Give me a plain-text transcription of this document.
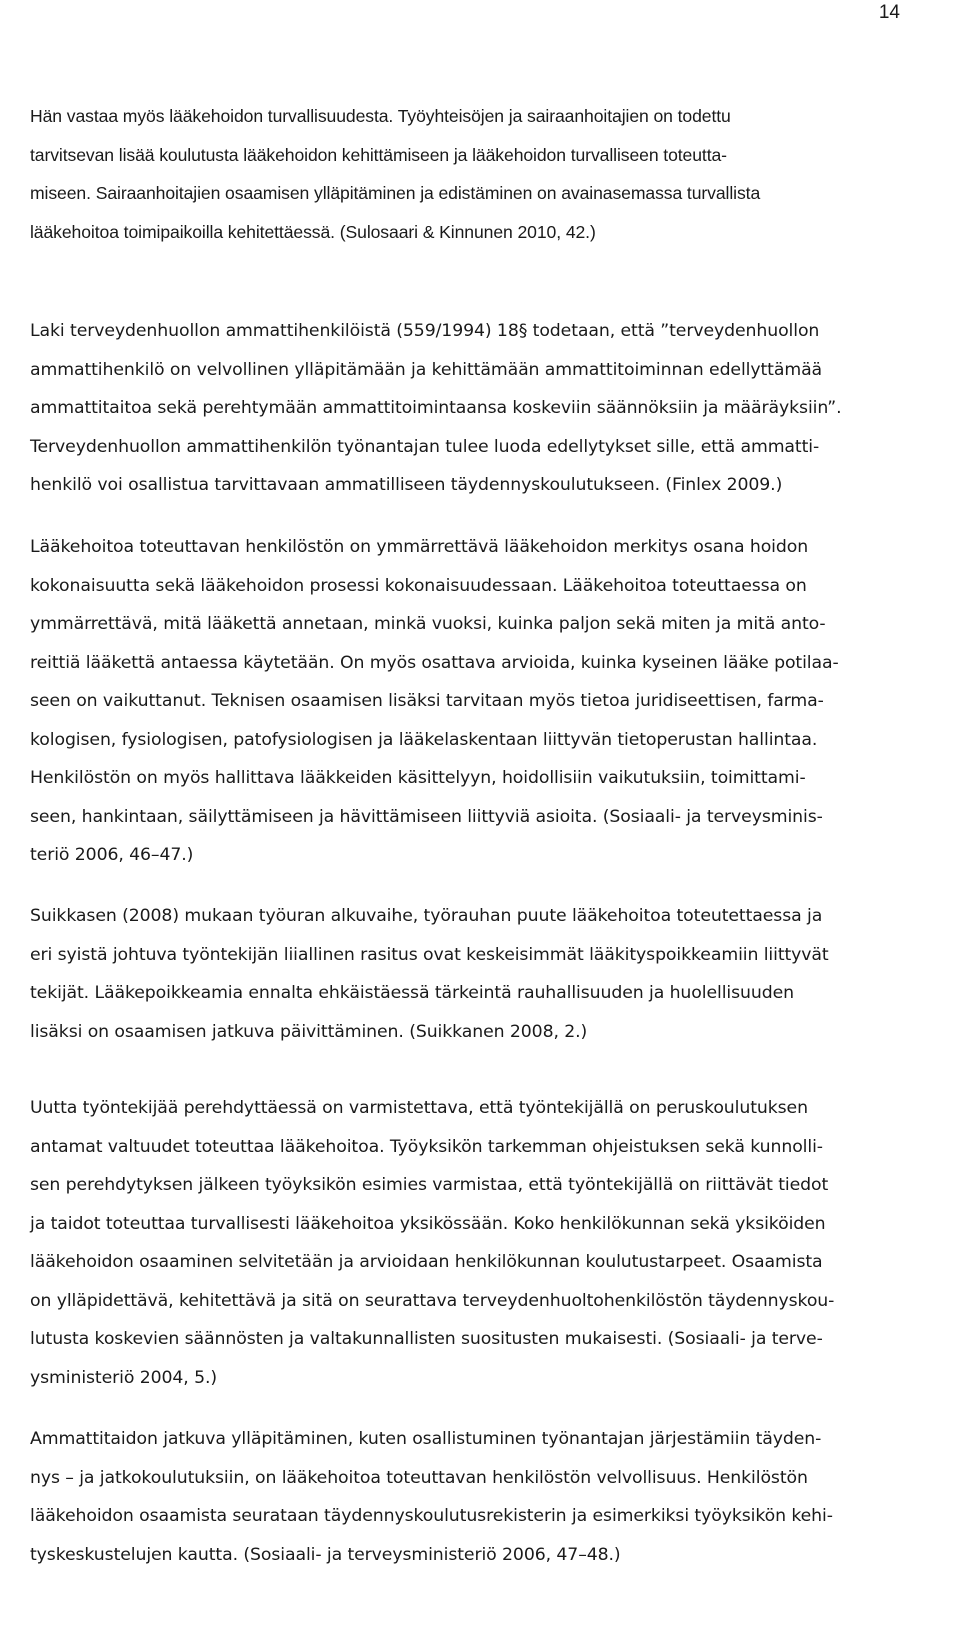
14
Hän vastaa myös lääkehoidon turvallisuudesta. Työyhteisöjen ja sairaanhoitajien on todettu
tarvitsevan lisää koulutusta lääkehoidon kehittämiseen ja lääkehoidon turvalliseen toteutta-
miseen. Sairaanhoitajien osaamisen ylläpitäminen ja edistäminen on avainasemassa turvallista
lääkehoitoa toimipaikoilla kehitettäessä. (Sulosaari & Kinnunen 2010, 42.)
Laki terveydenhuollon ammattihenkilöistä (559/1994) 18§ todetaan, että ”terveydenhuollon
ammattihenkilö on velvollinen ylläpitämään ja kehittämään ammattitoiminnan edellyttämää
ammattitaitoa sekä perehtymään ammattitoimintaansa koskeviin säännöksiin ja määräyksiin”.
Terveydenhuollon ammattihenkilön työnantajan tulee luoda edellytykset sille, että ammatti-
henkilö voi osallistua tarvittavaan ammatilliseen täydennyskoulutukseen. (Finlex 2009.)
Lääkehoitoa toteuttavan henkilöstön on ymmärrettävä lääkehoidon merkitys osana hoidon
kokonaisuutta sekä lääkehoidon prosessi kokonaisuudessaan. Lääkehoitoa toteuttaessa on
ymmärrettävä, mitä lääkettä annetaan, minkä vuoksi, kuinka paljon sekä miten ja mitä anto-
reittiä lääkettä antaessa käytetään. On myös osattava arvioida, kuinka kyseinen lääke potilaa-
seen on vaikuttanut. Teknisen osaamisen lisäksi tarvitaan myös tietoa juridiseettisen, farma-
kologisen, fysiologisen, patofysiologisen ja lääkelaskentaan liittyvän tietoperustan hallintaa.
Henkilöstön on myös hallittava lääkkeiden käsittelyyn, hoidollisiin vaikutuksiin, toimittami-
seen, hankintaan, säilyttämiseen ja hävittämiseen liittyviä asioita. (Sosiaali- ja terveysminis-
teriö 2006, 46–47.)
Suikkasen (2008) mukaan työuran alkuvaihe, työrauhan puute lääkehoitoa toteutettaessa ja
eri syistä johtuva työntekijän liiallinen rasitus ovat keskeisimmät lääkityspoikkeamiin liittyvät
tekijät. Lääkepoikkeamia ennalta ehkäistäessä tärkeintä rauhallisuuden ja huolellisuuden
lisäksi on osaamisen jatkuva päivittäminen. (Suikkanen 2008, 2.)
Uutta työntekijää perehdyttäessä on varmistettava, että työntekijällä on peruskoulutuksen
antamat valtuudet toteuttaa lääkehoitoa. Työyksikön tarkemman ohjeistuksen sekä kunnolli-
sen perehdytyksen jälkeen työyksikön esimies varmistaa, että työntekijällä on riittävät tiedot
ja taidot toteuttaa turvallisesti lääkehoitoa yksikössään. Koko henkilökunnan sekä yksiköiden
lääkehoidon osaaminen selvitetään ja arvioidaan henkilökunnan koulutustarpeet. Osaamista
on ylläpidettävä, kehitettävä ja sitä on seurattava terveydenhuoltohenkilöstön täydennyskou-
lutusta koskevien säännösten ja valtakunnallisten suositusten mukaisesti. (Sosiaali- ja terve-
ysministeriö 2004, 5.)
Ammattitaidon jatkuva ylläpitäminen, kuten osallistuminen työnantajan järjestämiin täyden-
nys – ja jatkokoulutuksiin, on lääkehoitoa toteuttavan henkilöstön velvollisuus. Henkilöstön
lääkehoidon osaamista seurataan täydennyskoulutusrekisterin ja esimerkiksi työyksikön kehi-
tyskeskustelujen kautta. (Sosiaali- ja terveysministeriö 2006, 47–48.)
